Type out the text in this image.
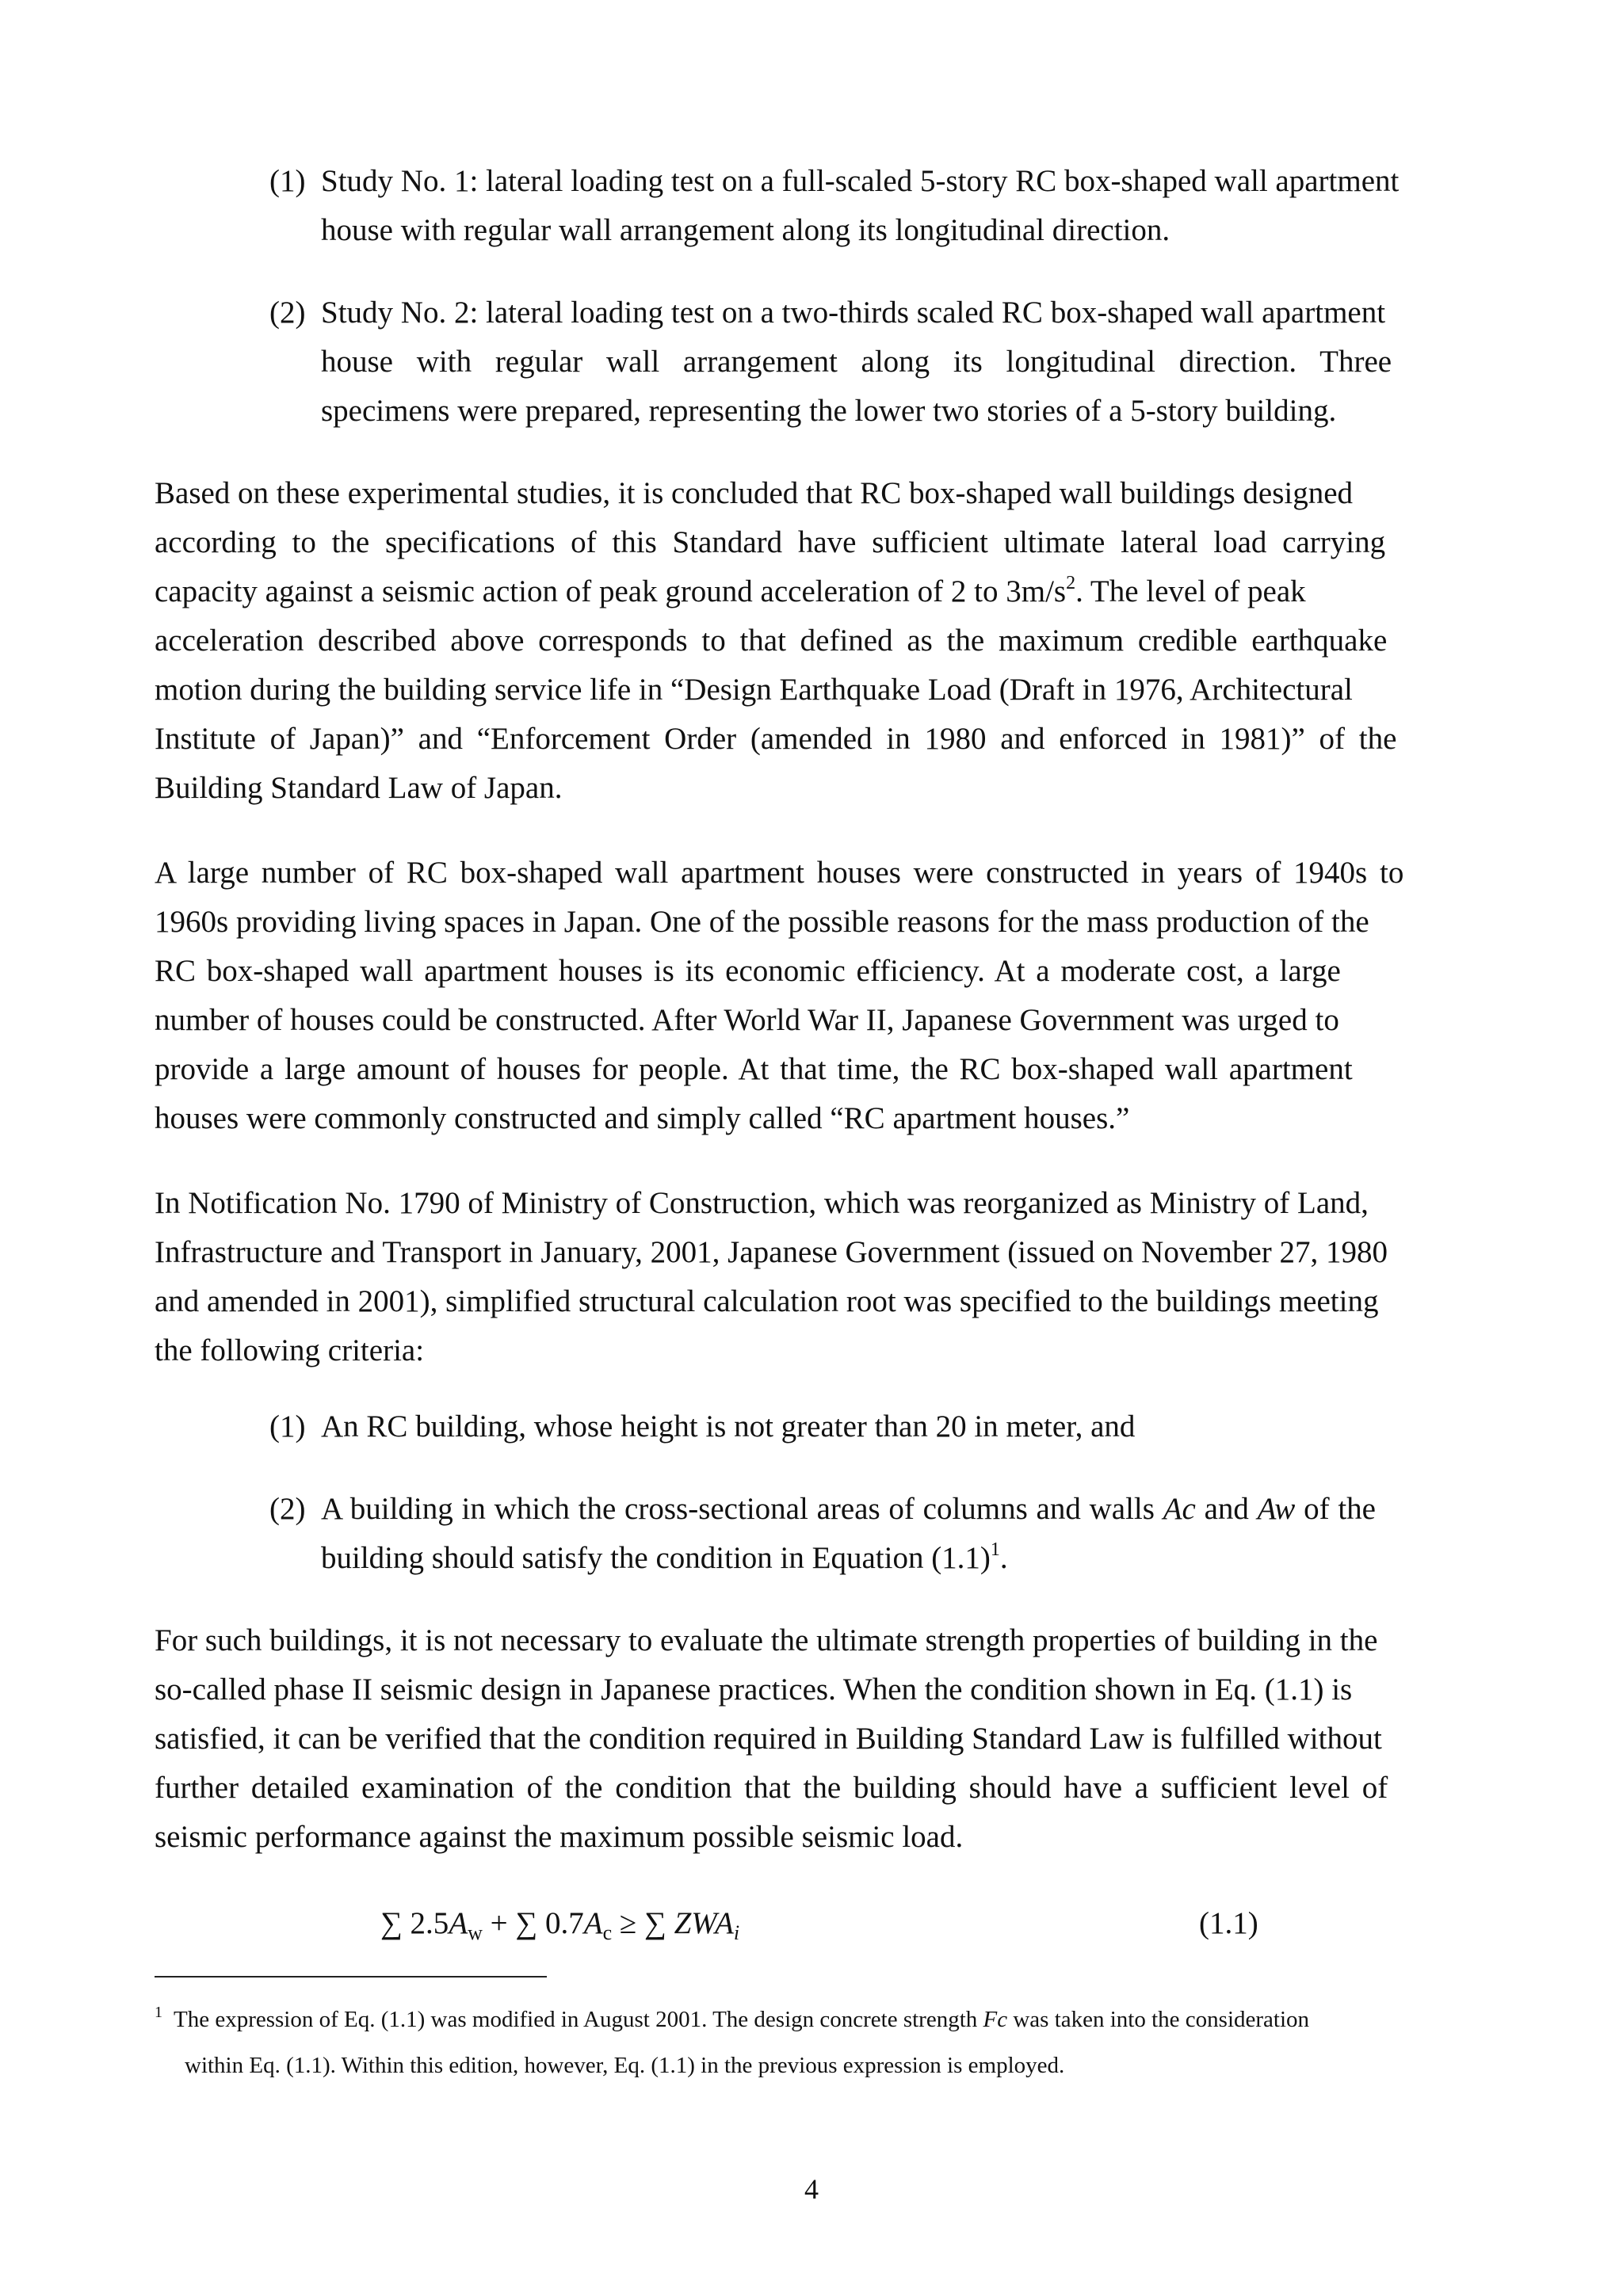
(1) Study No. 1: lateral loading test on a full-scaled 5-story RC box-shaped wall apartment
house with regular wall arrangement along its longitudinal direction.
(2) Study No. 2: lateral loading test on a two-thirds scaled RC box-shaped wall apartment
house with regular wall arrangement along its longitudinal direction. Three
specimens were prepared, representing the lower two stories of a 5-story building.
Based on these experimental studies, it is concluded that RC box-shaped wall buildings designed
according to the specifications of this Standard have sufficient ultimate lateral load carrying
capacity against a seismic action of peak ground acceleration of 2 to $3m/s^2$. The level of peak
acceleration described above corresponds to that defined as the maximum credible earthquake
motion during the building service life in “Design Earthquake Load (Draft in 1976, Architectural
Institute of Japan)” and “Enforcement Order (amended in 1980 and enforced in 1981)” of the
Building Standard Law of Japan.
A large number of RC box-shaped wall apartment houses were constructed in years of 1940s to
1960s providing living spaces in Japan. One of the possible reasons for the mass production of the
RC box-shaped wall apartment houses is its economic efficiency. At a moderate cost, a large
number of houses could be constructed. After World War II, Japanese Government was urged to
provide a large amount of houses for people. At that time, the RC box-shaped wall apartment
houses were commonly constructed and simply called “RC apartment houses.”
In Notification No. 1790 of Ministry of Construction, which was reorganized as Ministry of Land,
Infrastructure and Transport in January, 2001, Japanese Government (issued on November 27, 1980
and amended in 2001), simplified structural calculation root was specified to the buildings meeting
the following criteria:
(1) An RC building, whose height is not greater than 20 in meter, and
(2) A building in which the cross-sectional areas of columns and walls Ac and Aw of the
building should satisfy the condition in Equation $(1.1)^1$.
For such buildings, it is not necessary to evaluate the ultimate strength properties of building in the
so-called phase II seismic design in Japanese practices. When the condition shown in Eq. (1.1) is
satisfied, it can be verified that the condition required in Building Standard Law is fulfilled without
further detailed examination of the condition that the building should have a sufficient level of
seismic performance against the maximum possible seismic load.
∑ $2.5A_w$ + ∑ $0.7A_c$ ≥ ∑ $ZWA_i$	(1.1)
$^1$ The expression of Eq. (1.1) was modified in August 2001. The design concrete strength Fc was taken into the consideration
within Eq. (1.1). Within this edition, however, Eq. (1.1) in the previous expression is employed.
4
